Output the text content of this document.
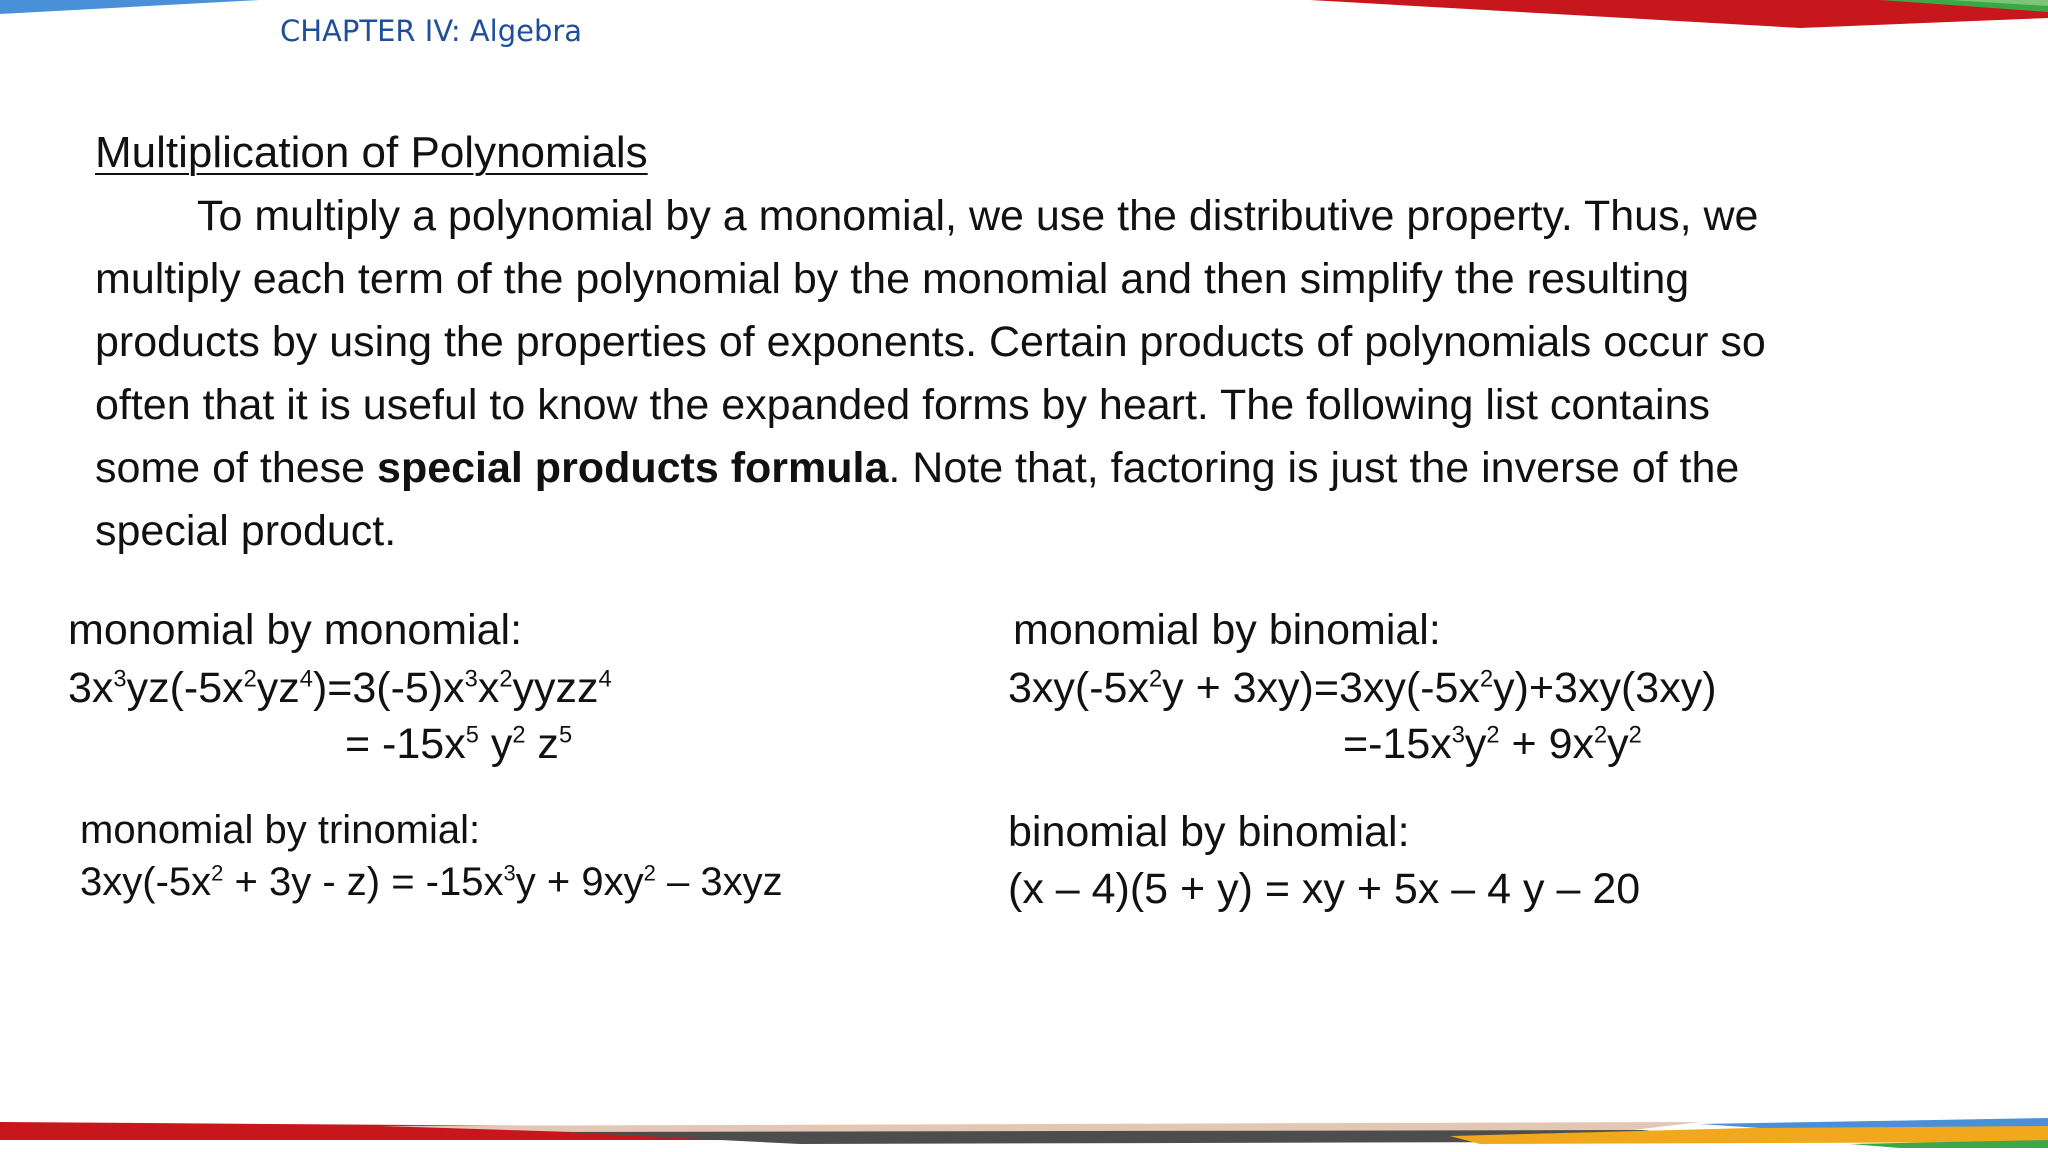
CHAPTER IV: Algebra
Multiplication of Polynomials
To multiply a polynomial by a monomial, we use the distributive property. Thus, we
multiply each term of the polynomial by the monomial and then simplify the resulting
products by using the properties of exponents. Certain products of polynomials occur so
often that it is useful to know the expanded forms by heart. The following list contains
some of these special products formula. Note that, factoring is just the inverse of the
special product.
monomial by monomial:
$3x^3yz(-5x^2yz^4)=3(-5)x^3x^2yyzz^4$
= $-15x^5$ $y^2$ $z^5$
monomial by binomial:
$3xy(-5x^2y + 3xy)=3xy(-5x^2y)+3xy(3xy)$
$=-15x^3y^2 + 9x^2y^2$
monomial by trinomial:
$3xy(-5x^2 + 3y - z) = -15x^3y + 9xy^2 - 3xyz$
binomial by binomial:
(x – 4)(5 + y) = xy + 5x – 4 y – 20
